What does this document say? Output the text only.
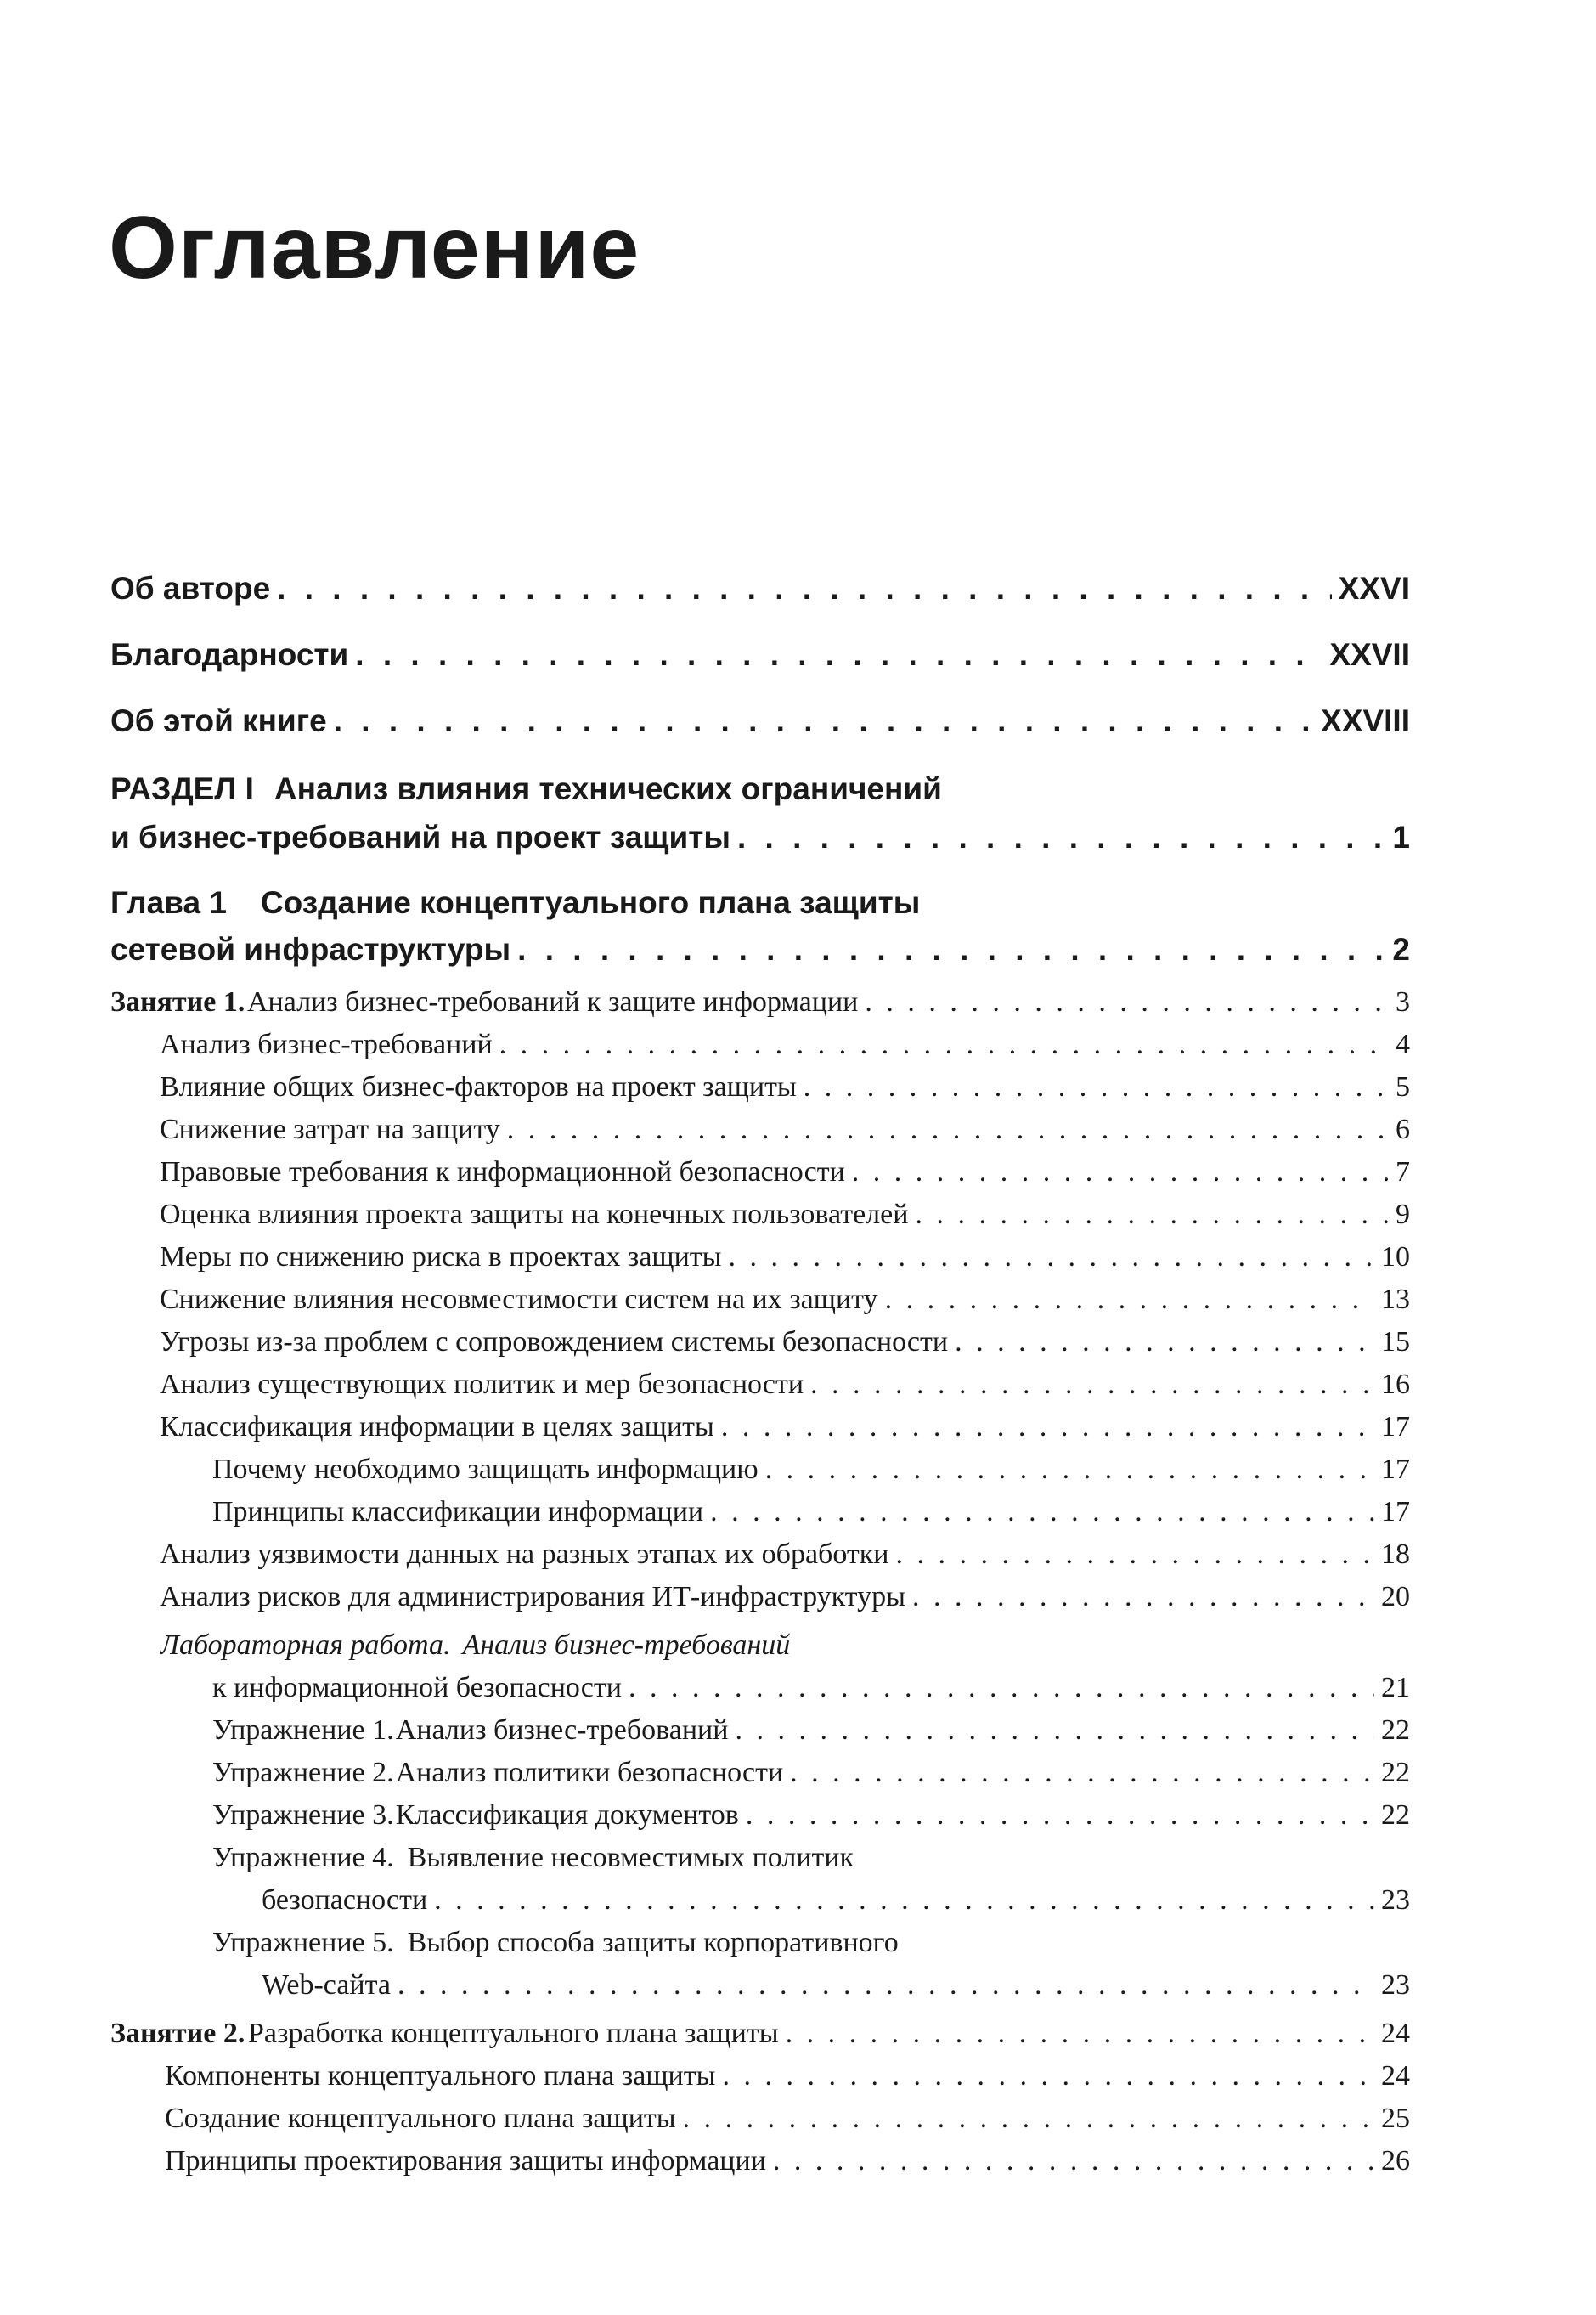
Оглавление
Об авторе . . .	XXVI
Благодарности . . .	XXVII
Об этой книге . . .	XXVIII
РАЗДЕЛ I Анализ влияния технических ограничений
и бизнес-требований на проект защиты . . .	1
Глава 1 Создание концептуального плана защиты
сетевой инфраструктуры . . .	2
Занятие 1. Анализ бизнес-требований к защите информации . . .	3
Анализ бизнес-требований . . .	4
Влияние общих бизнес-факторов на проект защиты . . .	5
Снижение затрат на защиту . . .	6
Правовые требования к информационной безопасности . . .	7
Оценка влияния проекта защиты на конечных пользователей . . .	9
Меры по снижению риска в проектах защиты . . .	10
Снижение влияния несовместимости систем на их защиту . . .	13
Угрозы из-за проблем с сопровождением системы безопасности . . .	15
Анализ существующих политик и мер безопасности . . .	16
Классификация информации в целях защиты . . .	17
Почему необходимо защищать информацию . . .	17
Принципы классификации информации . . .	17
Анализ уязвимости данных на разных этапах их обработки . . .	18
Анализ рисков для администрирования ИТ-инфраструктуры . . .	20
Лабораторная работа. Анализ бизнес-требований
к информационной безопасности . . .	21
Упражнение 1. Анализ бизнес-требований . . .	22
Упражнение 2. Анализ политики безопасности . . .	22
Упражнение 3. Классификация документов . . .	22
Упражнение 4. Выявление несовместимых политик
безопасности . . .	23
Упражнение 5. Выбор способа защиты корпоративного
Web-сайта . . .	23
Занятие 2. Разработка концептуального плана защиты . . .	24
Компоненты концептуального плана защиты . . .	24
Создание концептуального плана защиты . . .	25
Принципы проектирования защиты информации . . .	26
